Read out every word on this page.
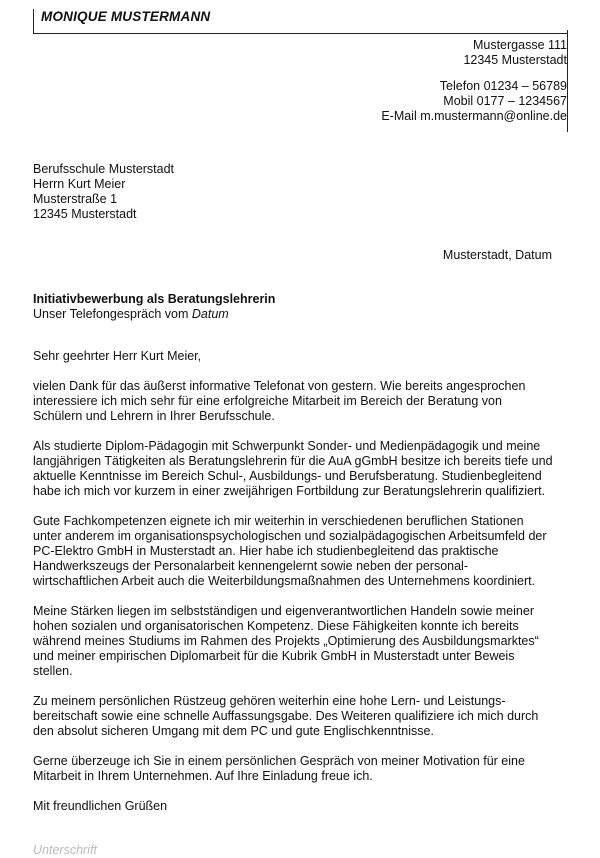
MONIQUE MUSTERMANN
Mustergasse 111
12345 Musterstadt
Telefon 01234 – 56789
Mobil 0177 – 1234567
E-Mail m.mustermann@online.de
Berufsschule Musterstadt
Herrn Kurt Meier
Musterstraße 1
12345 Musterstadt
Musterstadt, Datum
Initiativbewerbung als Beratungslehrerin
Unser Telefongespräch vom Datum

Sehr geehrter Herr Kurt Meier,

vielen Dank für das äußerst informative Telefonat von gestern. Wie bereits angesprochen interessiere ich mich sehr für eine erfolgreiche Mitarbeit im Bereich der Beratung von Schülern und Lehrern in Ihrer Berufsschule.

Als studierte Diplom-Pädagogin mit Schwerpunkt Sonder- und Medienpädagogik und meine langjährigen Tätigkeiten als Beratungslehrerin für die AuA gGmbH besitze ich bereits tiefe und aktuelle Kenntnisse im Bereich Schul-, Ausbildungs- und Berufsberatung. Studienbegleitend habe ich mich vor kurzem in einer zweijährigen Fortbildung zur Beratungslehrerin qualifiziert.

Gute Fachkompetenzen eignete ich mir weiterhin in verschiedenen beruflichen Stationen unter anderem im organisationspsychologischen und sozialpädagogischen Arbeitsumfeld der PC-Elektro GmbH in Musterstadt an. Hier habe ich studienbegleitend das praktische Handwerkszeugs der Personalarbeit kennengelernt sowie neben der personal-wirtschaftlichen Arbeit auch die Weiterbildungsmaßnahmen des Unternehmens koordiniert.

Meine Stärken liegen im selbstständigen und eigenverantwortlichen Handeln sowie meiner hohen sozialen und organisatorischen Kompetenz. Diese Fähigkeiten konnte ich bereits während meines Studiums im Rahmen des Projekts „Optimierung des Ausbildungsmarktes“ und meiner empirischen Diplomarbeit für die Kubrik GmbH in Musterstadt unter Beweis stellen.

Zu meinem persönlichen Rüstzeug gehören weiterhin eine hohe Lern- und Leistungs-bereitschaft sowie eine schnelle Auffassungsgabe. Des Weiteren qualifiziere ich mich durch den absolut sicheren Umgang mit dem PC und gute Englischkenntnisse.

Gerne überzeuge ich Sie in einem persönlichen Gespräch von meiner Motivation für eine Mitarbeit in Ihrem Unternehmen. Auf Ihre Einladung freue ich.

Mit freundlichen Grüßen

Unterschrift
